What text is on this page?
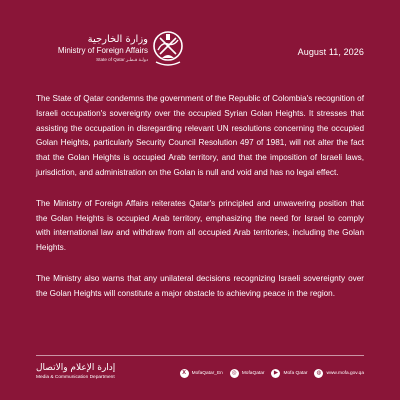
وزارة الخارجية
Ministry of Foreign Affairs
State of Qatar دولـة قـطـر
August 11, 2026

The State of Qatar condemns the government of the Republic of Colombia's recognition of Israeli occupation's sovereignty over the occupied Syrian Golan Heights. It stresses that assisting the occupation in disregarding relevant UN resolutions concerning the occupied Golan Heights, particularly Security Council Resolution 497 of 1981, will not alter the fact that the Golan Heights is occupied Arab territory, and that the imposition of Israeli laws, jurisdiction, and administration on the Golan is null and void and has no legal effect.

The Ministry of Foreign Affairs reiterates Qatar's principled and unwavering position that the Golan Heights is occupied Arab territory, emphasizing the need for Israel to comply with international law and withdraw from all occupied Arab territories, including the Golan Heights.

The Ministry also warns that any unilateral decisions recognizing Israeli sovereignty over the Golan Heights will constitute a major obstacle to achieving peace in the region.

إدارة الإعلام والاتصال
Media & Communication Department
X	MofaQatar_En	◎	MofaQatar	▶	Mofa Qatar	◍	www.mofa.gov.qa
